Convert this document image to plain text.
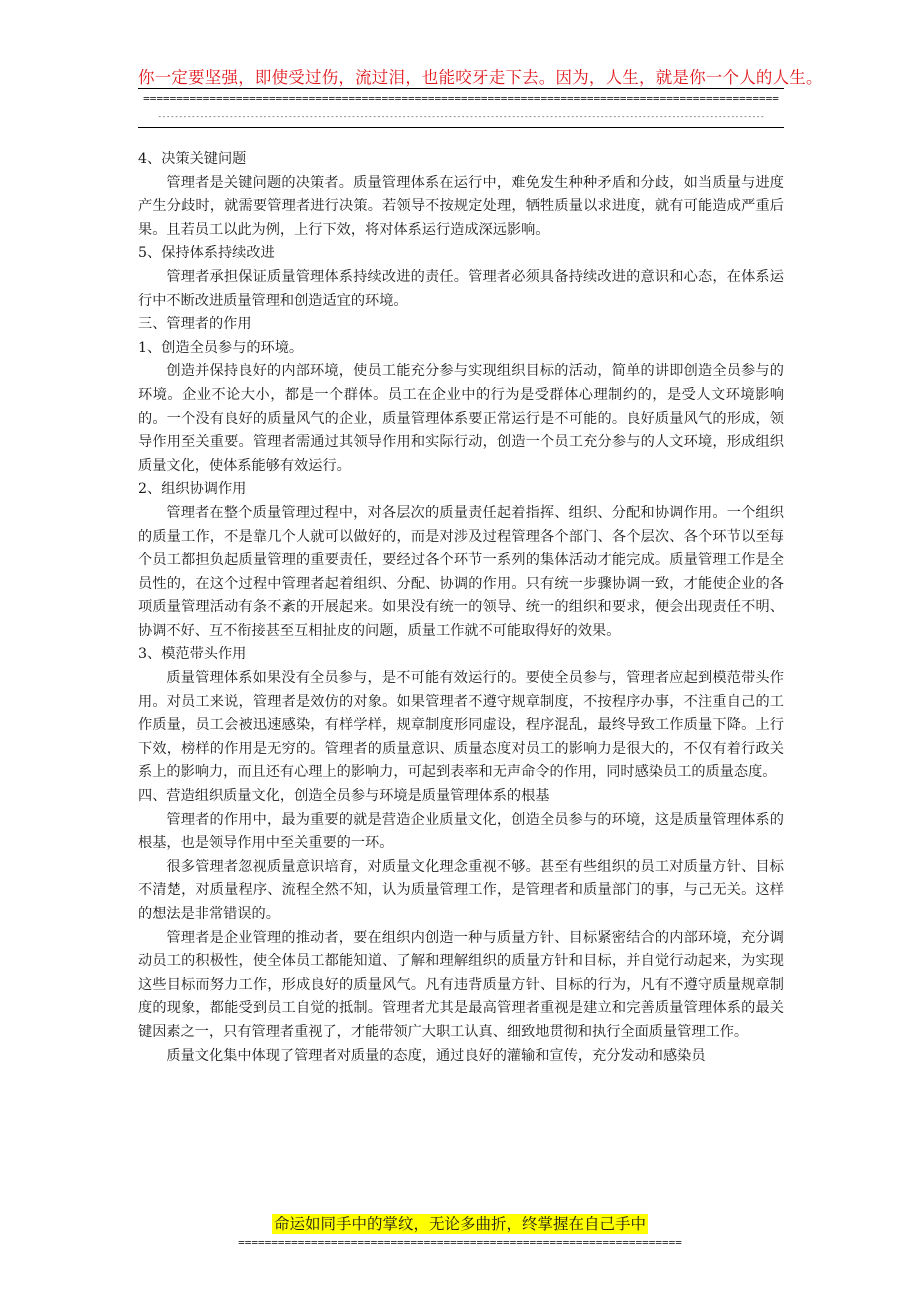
你一定要坚强，即使受过伤，流过泪，也能咬牙走下去。因为，人生，就是你一个人的人生。
================================================================================================
------------------------------------------------------------------------------------------------------------------------------------------------
4、决策关键问题
管理者是关键问题的决策者。质量管理体系在运行中，难免发生种种矛盾和分歧，如当质量与进度产生分歧时，就需要管理者进行决策。若领导不按规定处理，牺牲质量以求进度，就有可能造成严重后果。且若员工以此为例，上行下效，将对体系运行造成深远影响。
5、保持体系持续改进
管理者承担保证质量管理体系持续改进的责任。管理者必须具备持续改进的意识和心态，在体系运行中不断改进质量管理和创造适宜的环境。
三、管理者的作用
1、创造全员参与的环境。
创造并保持良好的内部环境，使员工能充分参与实现组织目标的活动，简单的讲即创造全员参与的环境。企业不论大小，都是一个群体。员工在企业中的行为是受群体心理制约的，是受人文环境影响的。一个没有良好的质量风气的企业，质量管理体系要正常运行是不可能的。良好质量风气的形成，领导作用至关重要。管理者需通过其领导作用和实际行动，创造一个员工充分参与的人文环境，形成组织质量文化，使体系能够有效运行。
2、组织协调作用
管理者在整个质量管理过程中，对各层次的质量责任起着指挥、组织、分配和协调作用。一个组织的质量工作，不是靠几个人就可以做好的，而是对涉及过程管理各个部门、各个层次、各个环节以至每个员工都担负起质量管理的重要责任，要经过各个环节一系列的集体活动才能完成。质量管理工作是全员性的，在这个过程中管理者起着组织、分配、协调的作用。只有统一步骤协调一致，才能使企业的各项质量管理活动有条不紊的开展起来。如果没有统一的领导、统一的组织和要求，便会出现责任不明、协调不好、互不衔接甚至互相扯皮的问题，质量工作就不可能取得好的效果。
3、模范带头作用
质量管理体系如果没有全员参与，是不可能有效运行的。要使全员参与，管理者应起到模范带头作用。对员工来说，管理者是效仿的对象。如果管理者不遵守规章制度，不按程序办事，不注重自己的工作质量，员工会被迅速感染，有样学样，规章制度形同虚设，程序混乱，最终导致工作质量下降。上行下效，榜样的作用是无穷的。管理者的质量意识、质量态度对员工的影响力是很大的，不仅有着行政关系上的影响力，而且还有心理上的影响力，可起到表率和无声命令的作用，同时感染员工的质量态度。
四、营造组织质量文化，创造全员参与环境是质量管理体系的根基
管理者的作用中，最为重要的就是营造企业质量文化，创造全员参与的环境，这是质量管理体系的根基，也是领导作用中至关重要的一环。
很多管理者忽视质量意识培育，对质量文化理念重视不够。甚至有些组织的员工对质量方针、目标不清楚，对质量程序、流程全然不知，认为质量管理工作，是管理者和质量部门的事，与己无关。这样的想法是非常错误的。
管理者是企业管理的推动者，要在组织内创造一种与质量方针、目标紧密结合的内部环境，充分调动员工的积极性，使全体员工都能知道、了解和理解组织的质量方针和目标，并自觉行动起来，为实现这些目标而努力工作，形成良好的质量风气。凡有违背质量方针、目标的行为，凡有不遵守质量规章制度的现象，都能受到员工自觉的抵制。管理者尤其是最高管理者重视是建立和完善质量管理体系的最关键因素之一，只有管理者重视了，才能带领广大职工认真、细致地贯彻和执行全面质量管理工作。
质量文化集中体现了管理者对质量的态度，通过良好的灌输和宣传，充分发动和感染员
命运如同手中的掌纹，无论多曲折，终掌握在自己手中
===================================================================
